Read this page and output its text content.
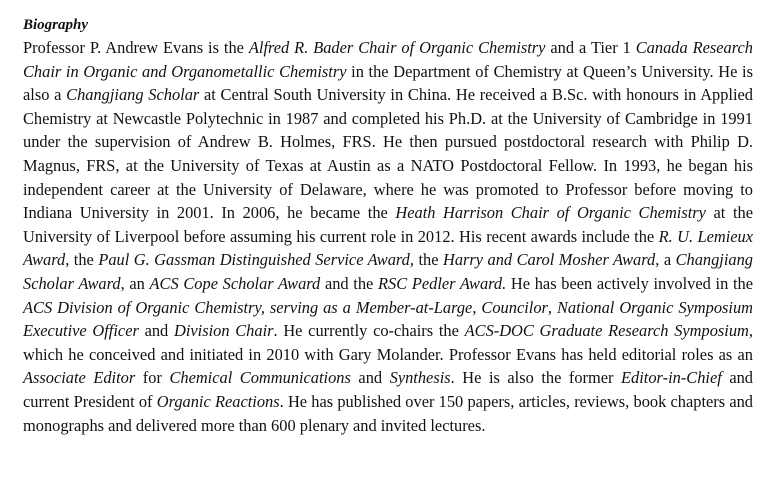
Biography

Professor P. Andrew Evans is the Alfred R. Bader Chair of Organic Chemistry and a Tier 1 Canada Research Chair in Organic and Organometallic Chemistry in the Department of Chemistry at Queen’s University. He is also a Changjiang Scholar at Central South University in China. He received a B.Sc. with honours in Applied Chemistry at Newcastle Polytechnic in 1987 and completed his Ph.D. at the University of Cambridge in 1991 under the supervision of Andrew B. Holmes, FRS. He then pursued postdoctoral research with Philip D. Magnus, FRS, at the University of Texas at Austin as a NATO Postdoctoral Fellow. In 1993, he began his independent career at the University of Delaware, where he was promoted to Professor before moving to Indiana University in 2001. In 2006, he became the Heath Harrison Chair of Organic Chemistry at the University of Liverpool before assuming his current role in 2012. His recent awards include the R. U. Lemieux Award, the Paul G. Gassman Distinguished Service Award, the Harry and Carol Mosher Award, a Changjiang Scholar Award, an ACS Cope Scholar Award and the RSC Pedler Award. He has been actively involved in the ACS Division of Organic Chemistry, serving as a Member-at-Large, Councilor, National Organic Symposium Executive Officer and Division Chair. He currently co-chairs the ACS-DOC Graduate Research Symposium, which he conceived and initiated in 2010 with Gary Molander. Professor Evans has held editorial roles as an Associate Editor for Chemical Communications and Synthesis. He is also the former Editor-in-Chief and current President of Organic Reactions. He has published over 150 papers, articles, reviews, book chapters and monographs and delivered more than 600 plenary and invited lectures.
